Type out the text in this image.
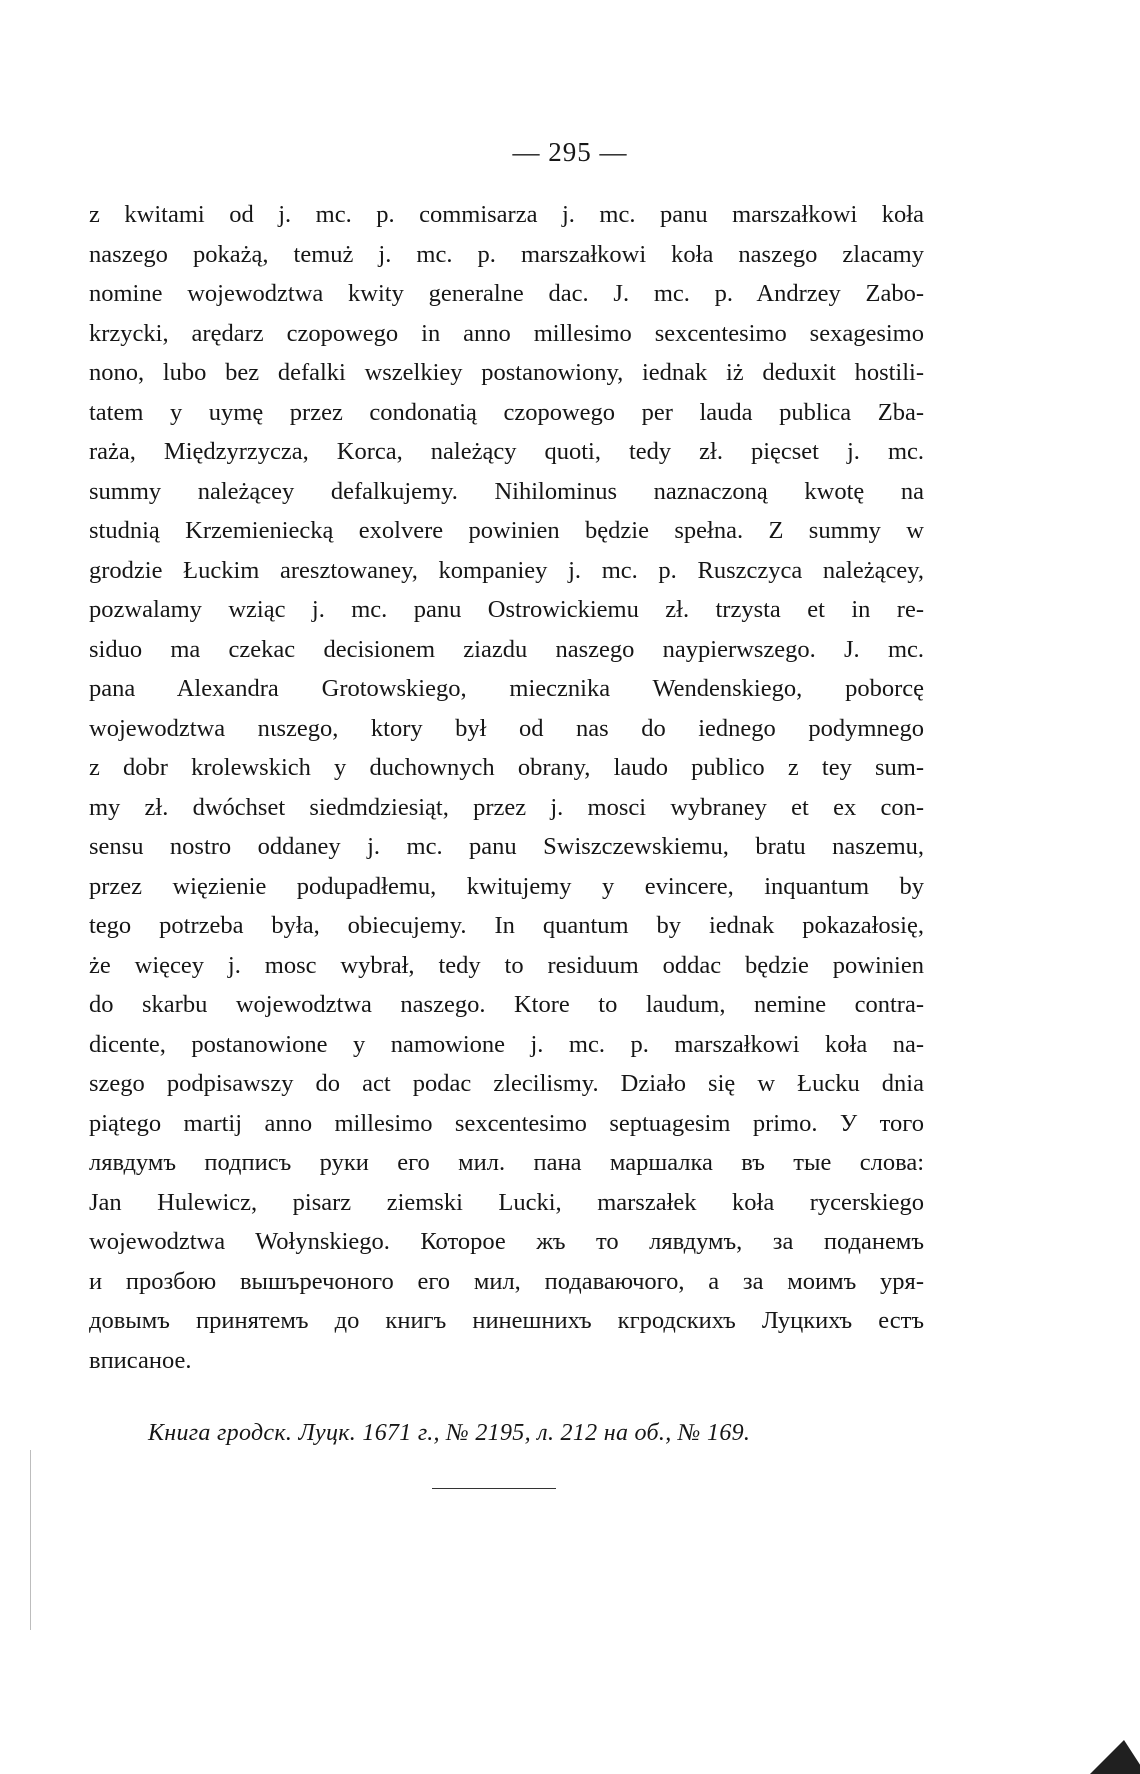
— 295 —
z kwitami od j. mc. p. commisarza j. mc. panu marszałkowi koła
naszego pokażą, temuż j. mc. p. marszałkowi koła naszego zlacamy
nomine wojewodztwa kwity generalne dac. J. mc. p. Andrzey Zabo-
krzycki, arędarz czopowego in anno millesimo sexcentesimo sexagesimo
nono, lubo bez defalki wszelkiey postanowiony, iednak iż deduxit hostili-
tatem y uymę przez condonatią czopowego per lauda publica Zba-
raża, Międzyrzycza, Korca, należący quoti, tedy zł. pięcset j. mc.
summy należącey defalkujemy. Nihilominus naznaczoną kwotę na
studnią Krzemieniecką exolvere powinien będzie spełna. Z summy w
grodzie Łuckim aresztowaney, kompaniey j. mc. p. Ruszczyca należącey,
pozwalamy wziąc j. mc. panu Ostrowickiemu zł. trzysta et in re-
siduo ma czekac decisionem ziazdu naszego naypierwszego. J. mc.
pana Alexandra Grotowskiego, miecznika Wendenskiego, poborcę
wojewodztwa nιszego, ktory był od nas do iednego podymnego
z dobr krolewskich y duchownych obrany, laudo publico z tey sum-
my zł. dwóchset siedmdziesiąt, przez j. mosci wybraney et ex con-
sensu nostro oddaney j. mc. panu Swiszczewskiemu, bratu naszemu,
przez więzienie podupadłemu, kwitujemy y evincere, inquantum by
tego potrzeba była, obiecujemy. In quantum by iednak pokazałosię,
że więcey j. mosc wybrał, tedy to residuum oddac będzie powinien
do skarbu wojewodztwa naszego. Ktore to laudum, nemine contra-
dicente, postanowione y namowione j. mc. p. marszałkowi koła na-
szego podpisawszy do act podac zlecilismy. Działo się w Łucku dnia
piątego martij anno millesimo sexcentesimo septuagesim primo. У того
лявдумъ подписъ руки его мил. пана маршалка въ тые слова:
Jan Hulewicz, pisarz ziemski Lucki, marszałek koła rycerskiego
wojewodztwa Wołynskiego. Которое жъ то лявдумъ, за поданемъ
и прозбою вышъречоного его мил, подаваючого, а за моимъ уря-
довымъ принятемъ до книгъ нинешнихъ кгродскихъ Луцкихъ естъ
вписаное.
Книга гродск. Луцк. 1671 г., № 2195, л. 212 на об., № 169.
